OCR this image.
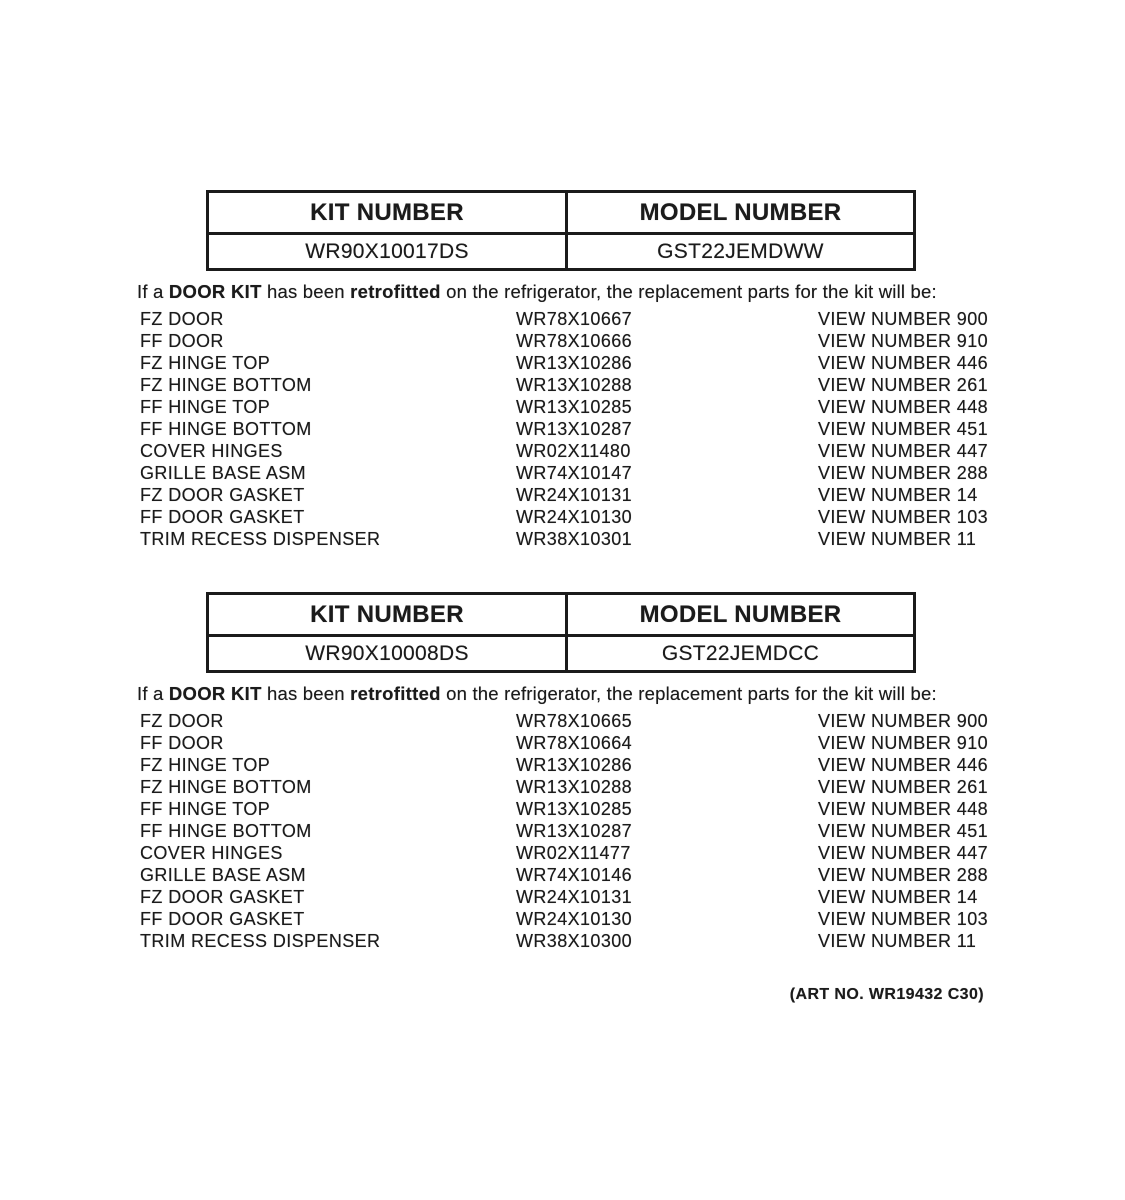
KIT NUMBER	MODEL NUMBER
WR90X10017DS	GST22JEMDWW

If a DOOR KIT has been retrofitted on the refrigerator, the replacement parts for the kit will be:

FZ DOOR	WR78X10667	VIEW NUMBER 900
FF DOOR	WR78X10666	VIEW NUMBER 910
FZ HINGE TOP	WR13X10286	VIEW NUMBER 446
FZ HINGE BOTTOM	WR13X10288	VIEW NUMBER 261
FF HINGE TOP	WR13X10285	VIEW NUMBER 448
FF HINGE BOTTOM	WR13X10287	VIEW NUMBER 451
COVER HINGES	WR02X11480	VIEW NUMBER 447
GRILLE BASE ASM	WR74X10147	VIEW NUMBER 288
FZ DOOR GASKET	WR24X10131	VIEW NUMBER 14
FF DOOR GASKET	WR24X10130	VIEW NUMBER 103
TRIM RECESS DISPENSER	WR38X10301	VIEW NUMBER 11
KIT NUMBER	MODEL NUMBER
WR90X10008DS	GST22JEMDCC

If a DOOR KIT has been retrofitted on the refrigerator, the replacement parts for the kit will be:

FZ DOOR	WR78X10665	VIEW NUMBER 900
FF DOOR	WR78X10664	VIEW NUMBER 910
FZ HINGE TOP	WR13X10286	VIEW NUMBER 446
FZ HINGE BOTTOM	WR13X10288	VIEW NUMBER 261
FF HINGE TOP	WR13X10285	VIEW NUMBER 448
FF HINGE BOTTOM	WR13X10287	VIEW NUMBER 451
COVER HINGES	WR02X11477	VIEW NUMBER 447
GRILLE BASE ASM	WR74X10146	VIEW NUMBER 288
FZ DOOR GASKET	WR24X10131	VIEW NUMBER 14
FF DOOR GASKET	WR24X10130	VIEW NUMBER 103
TRIM RECESS DISPENSER	WR38X10300	VIEW NUMBER 11
(ART NO. WR19432 C30)
